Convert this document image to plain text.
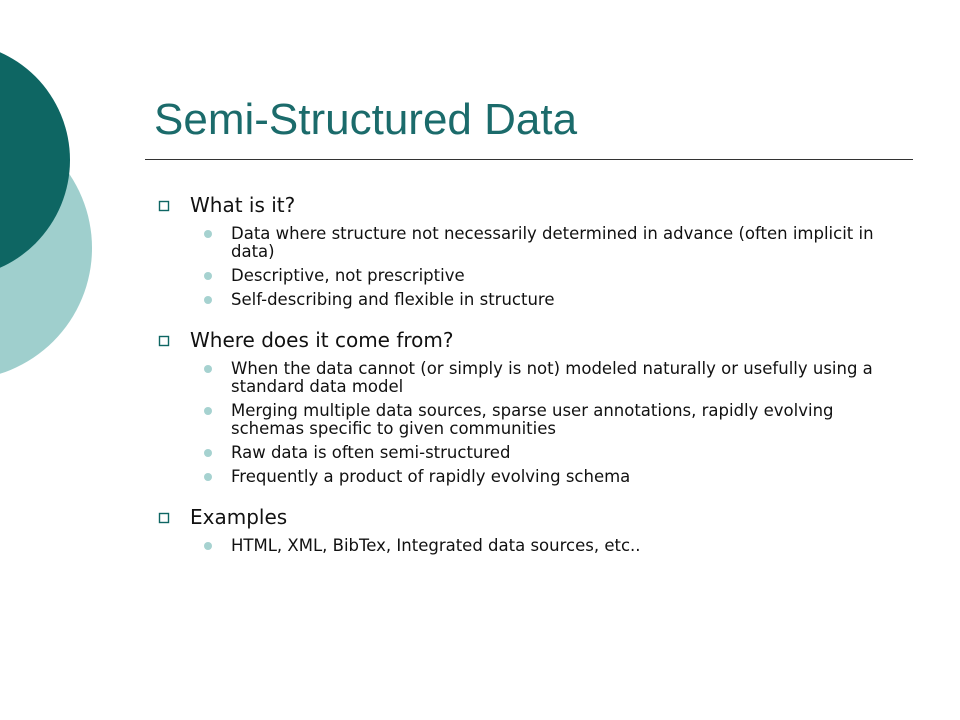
Semi-Structured Data
What is it?
Data where structure not necessarily determined in advance (often implicit in data)
Descriptive, not prescriptive
Self-describing and flexible in structure
Where does it come from?
When the data cannot (or simply is not) modeled naturally or usefully using a standard data model
Merging multiple data sources, sparse user annotations, rapidly evolving schemas specific to given communities
Raw data is often semi-structured
Frequently a product of rapidly evolving schema
Examples
HTML, XML, BibTex, Integrated data sources, etc..
